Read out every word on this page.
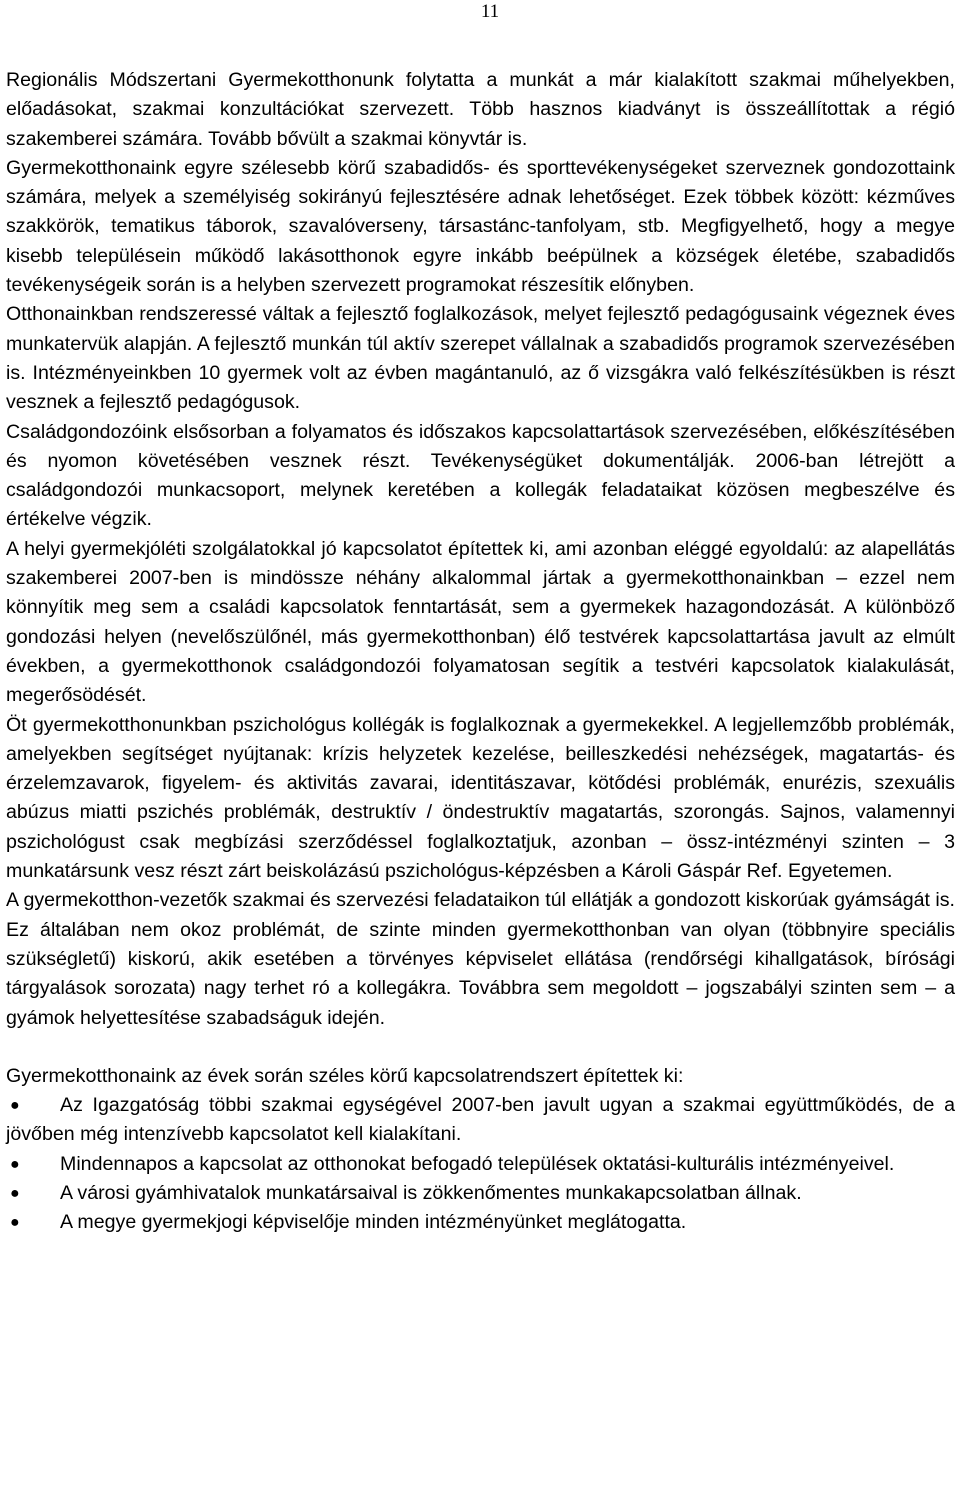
11

Regionális Módszertani Gyermekotthonunk folytatta a munkát a már kialakított szakmai műhelyekben, előadásokat, szakmai konzultációkat szervezett. Több hasznos kiadványt is összeállítottak a régió szakemberei számára. Tovább bővült a szakmai könyvtár is.

Gyermekotthonaink egyre szélesebb körű szabadidős- és sporttevékenységeket szerveznek gondozottaink számára, melyek a személyiség sokirányú fejlesztésére adnak lehetőséget. Ezek többek között: kézműves szakkörök, tematikus táborok, szavalóverseny, társastánc-tanfolyam, stb. Megfigyelhető, hogy a megye kisebb településein működő lakásotthonok egyre inkább beépülnek a községek életébe, szabadidős tevékenységeik során is a helyben szervezett programokat részesítik előnyben.

Otthonainkban rendszeressé váltak a fejlesztő foglalkozások, melyet fejlesztő pedagógusaink végeznek éves munkatervük alapján. A fejlesztő munkán túl aktív szerepet vállalnak a szabadidős programok szervezésében is. Intézményeinkben 10 gyermek volt az évben magántanuló, az ő vizsgákra való felkészítésükben is részt vesznek a fejlesztő pedagógusok.

Családgondozóink elsősorban a folyamatos és időszakos kapcsolattartások szervezésében, előkészítésében és nyomon követésében vesznek részt. Tevékenységüket dokumentálják. 2006-ban létrejött a családgondozói munkacsoport, melynek keretében a kollegák feladataikat közösen megbeszélve és értékelve végzik.

A helyi gyermekjóléti szolgálatokkal jó kapcsolatot építettek ki, ami azonban eléggé egyoldalú: az alapellátás szakemberei 2007-ben is mindössze néhány alkalommal jártak a gyermekotthonainkban – ezzel nem könnyítik meg sem a családi kapcsolatok fenntartását, sem a gyermekek hazagondozását. A különböző gondozási helyen (nevelőszülőnél, más gyermekotthonban) élő testvérek kapcsolattartása javult az elmúlt években, a gyermekotthonok családgondozói folyamatosan segítik a testvéri kapcsolatok kialakulását, megerősödését.

Öt gyermekotthonunkban pszichológus kollégák is foglalkoznak a gyermekekkel. A legjellemzőbb problémák, amelyekben segítséget nyújtanak: krízis helyzetek kezelése, beilleszkedési nehézségek, magatartás- és érzelemzavarok, figyelem- és aktivitás zavarai, identitászavar, kötődési problémák, enurézis, szexuális abúzus miatti pszichés problémák, destruktív / öndestruktív magatartás, szorongás. Sajnos, valamennyi pszichológust csak megbízási szerződéssel foglalkoztatjuk, azonban – össz-intézményi szinten – 3 munkatársunk vesz részt zárt beiskolázású pszichológus-képzésben a Károli Gáspár Ref. Egyetemen.

A gyermekotthon-vezetők szakmai és szervezési feladataikon túl ellátják a gondozott kiskorúak gyámságát is. Ez általában nem okoz problémát, de szinte minden gyermekotthonban van olyan (többnyire speciális szükségletű) kiskorú, akik esetében a törvényes képviselet ellátása (rendőrségi kihallgatások, bírósági tárgyalások sorozata) nagy terhet ró a kollegákra. Továbbra sem megoldott – jogszabályi szinten sem – a gyámok helyettesítése szabadságuk idején.

Gyermekotthonaink az évek során széles körű kapcsolatrendszert építettek ki:

● Az Igazgatóság többi szakmai egységével 2007-ben javult ugyan a szakmai együttműködés, de a jövőben még intenzívebb kapcsolatot kell kialakítani.
● Mindennapos a kapcsolat az otthonokat befogadó települések oktatási-kulturális intézményeivel.
● A városi gyámhivatalok munkatársaival is zökkenőmentes munkakapcsolatban állnak.
● A megye gyermekjogi képviselője minden intézményünket meglátogatta.
